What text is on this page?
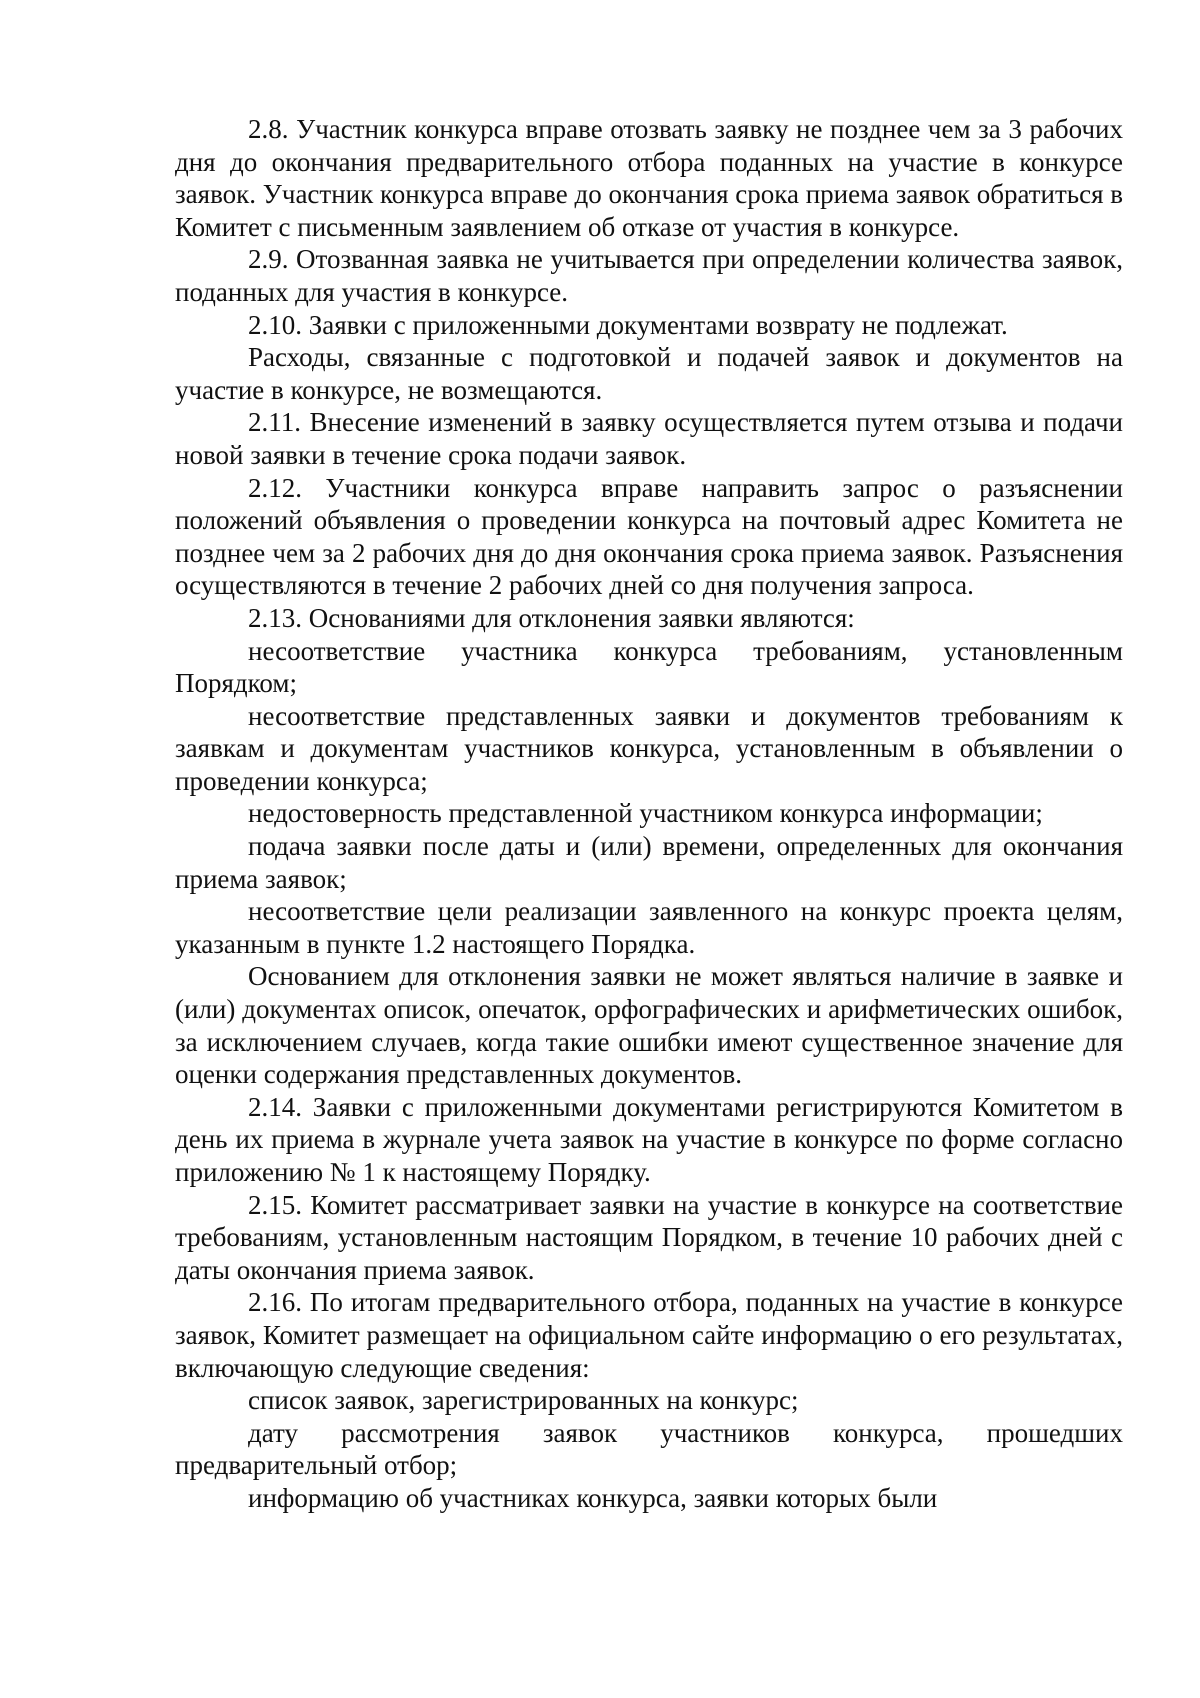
2.8. Участник конкурса вправе отозвать заявку не позднее чем за 3 рабочих дня до окончания предварительного отбора поданных на участие в конкурсе заявок. Участник конкурса вправе до окончания срока приема заявок обратиться в Комитет с письменным заявлением об отказе от участия в конкурсе.

2.9. Отозванная заявка не учитывается при определении количества заявок, поданных для участия в конкурсе.

2.10. Заявки с приложенными документами возврату не подлежат.

Расходы, связанные с подготовкой и подачей заявок и документов на участие в конкурсе, не возмещаются.

2.11. Внесение изменений в заявку осуществляется путем отзыва и подачи новой заявки в течение срока подачи заявок.

2.12. Участники конкурса вправе направить запрос о разъяснении положений объявления о проведении конкурса на почтовый адрес Комитета не позднее чем за 2 рабочих дня до дня окончания срока приема заявок. Разъяснения осуществляются в течение 2 рабочих дней со дня получения запроса.

2.13. Основаниями для отклонения заявки являются:

несоответствие участника конкурса требованиям, установленным Порядком;

несоответствие представленных заявки и документов требованиям к заявкам и документам участников конкурса, установленным в объявлении о проведении конкурса;

недостоверность представленной участником конкурса информации;

подача заявки после даты и (или) времени, определенных для окончания приема заявок;

несоответствие цели реализации заявленного на конкурс проекта целям, указанным в пункте 1.2 настоящего Порядка.

Основанием для отклонения заявки не может являться наличие в заявке и (или) документах описок, опечаток, орфографических и арифметических ошибок, за исключением случаев, когда такие ошибки имеют существенное значение для оценки содержания представленных документов.

2.14. Заявки с приложенными документами регистрируются Комитетом в день их приема в журнале учета заявок на участие в конкурсе по форме согласно приложению № 1 к настоящему Порядку.

2.15. Комитет рассматривает заявки на участие в конкурсе на соответствие требованиям, установленным настоящим Порядком, в течение 10 рабочих дней с даты окончания приема заявок.

2.16. По итогам предварительного отбора, поданных на участие в конкурсе заявок, Комитет размещает на официальном сайте информацию о его результатах, включающую следующие сведения:

список заявок, зарегистрированных на конкурс;

дату рассмотрения заявок участников конкурса, прошедших предварительный отбор;

информацию об участниках конкурса, заявки которых были
